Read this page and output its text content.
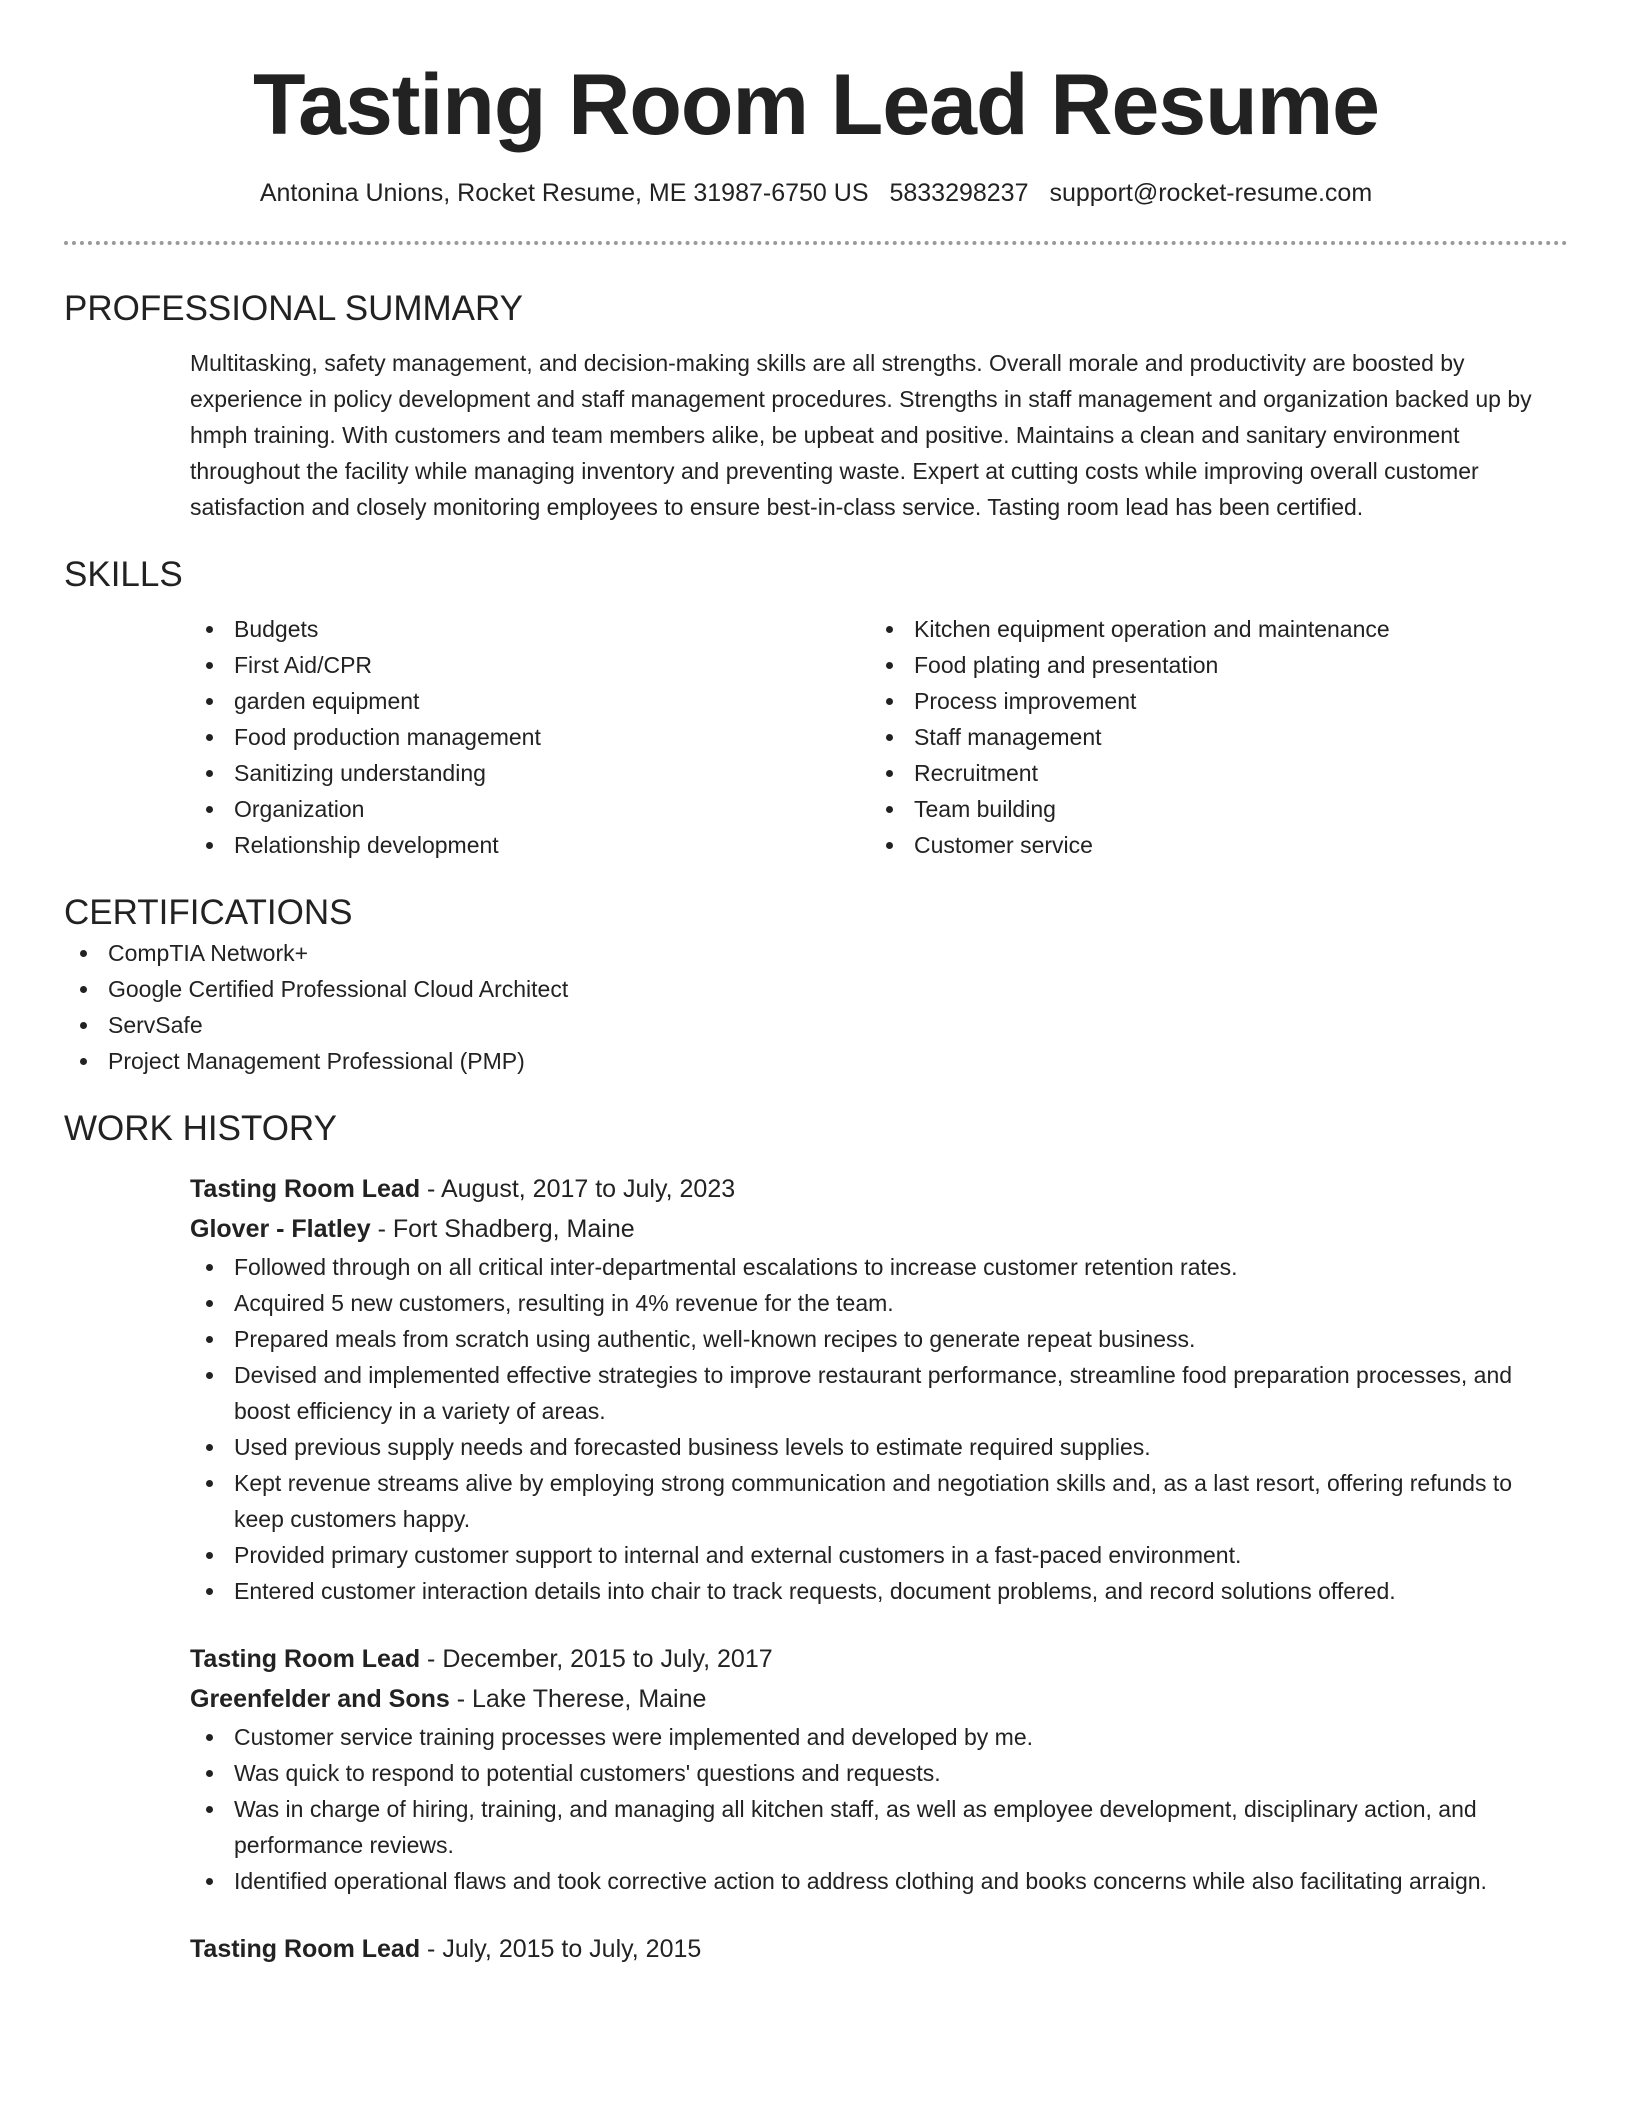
Tasting Room Lead Resume
Antonina Unions, Rocket Resume, ME 31987-6750 US 5833298237 support@rocket-resume.com
PROFESSIONAL SUMMARY
Multitasking, safety management, and decision-making skills are all strengths. Overall morale and productivity are boosted by experience in policy development and staff management procedures. Strengths in staff management and organization backed up by hmph training. With customers and team members alike, be upbeat and positive. Maintains a clean and sanitary environment throughout the facility while managing inventory and preventing waste. Expert at cutting costs while improving overall customer satisfaction and closely monitoring employees to ensure best-in-class service. Tasting room lead has been certified.
SKILLS
Budgets
First Aid/CPR
garden equipment
Food production management
Sanitizing understanding
Organization
Relationship development
Kitchen equipment operation and maintenance
Food plating and presentation
Process improvement
Staff management
Recruitment
Team building
Customer service
CERTIFICATIONS
CompTIA Network+
Google Certified Professional Cloud Architect
ServSafe
Project Management Professional (PMP)
WORK HISTORY
Tasting Room Lead - August, 2017 to July, 2023
Glover - Flatley - Fort Shadberg, Maine
Followed through on all critical inter-departmental escalations to increase customer retention rates.
Acquired 5 new customers, resulting in 4% revenue for the team.
Prepared meals from scratch using authentic, well-known recipes to generate repeat business.
Devised and implemented effective strategies to improve restaurant performance, streamline food preparation processes, and boost efficiency in a variety of areas.
Used previous supply needs and forecasted business levels to estimate required supplies.
Kept revenue streams alive by employing strong communication and negotiation skills and, as a last resort, offering refunds to keep customers happy.
Provided primary customer support to internal and external customers in a fast-paced environment.
Entered customer interaction details into chair to track requests, document problems, and record solutions offered.
Tasting Room Lead - December, 2015 to July, 2017
Greenfelder and Sons - Lake Therese, Maine
Customer service training processes were implemented and developed by me.
Was quick to respond to potential customers' questions and requests.
Was in charge of hiring, training, and managing all kitchen staff, as well as employee development, disciplinary action, and performance reviews.
Identified operational flaws and took corrective action to address clothing and books concerns while also facilitating arraign.
Tasting Room Lead - July, 2015 to July, 2015
